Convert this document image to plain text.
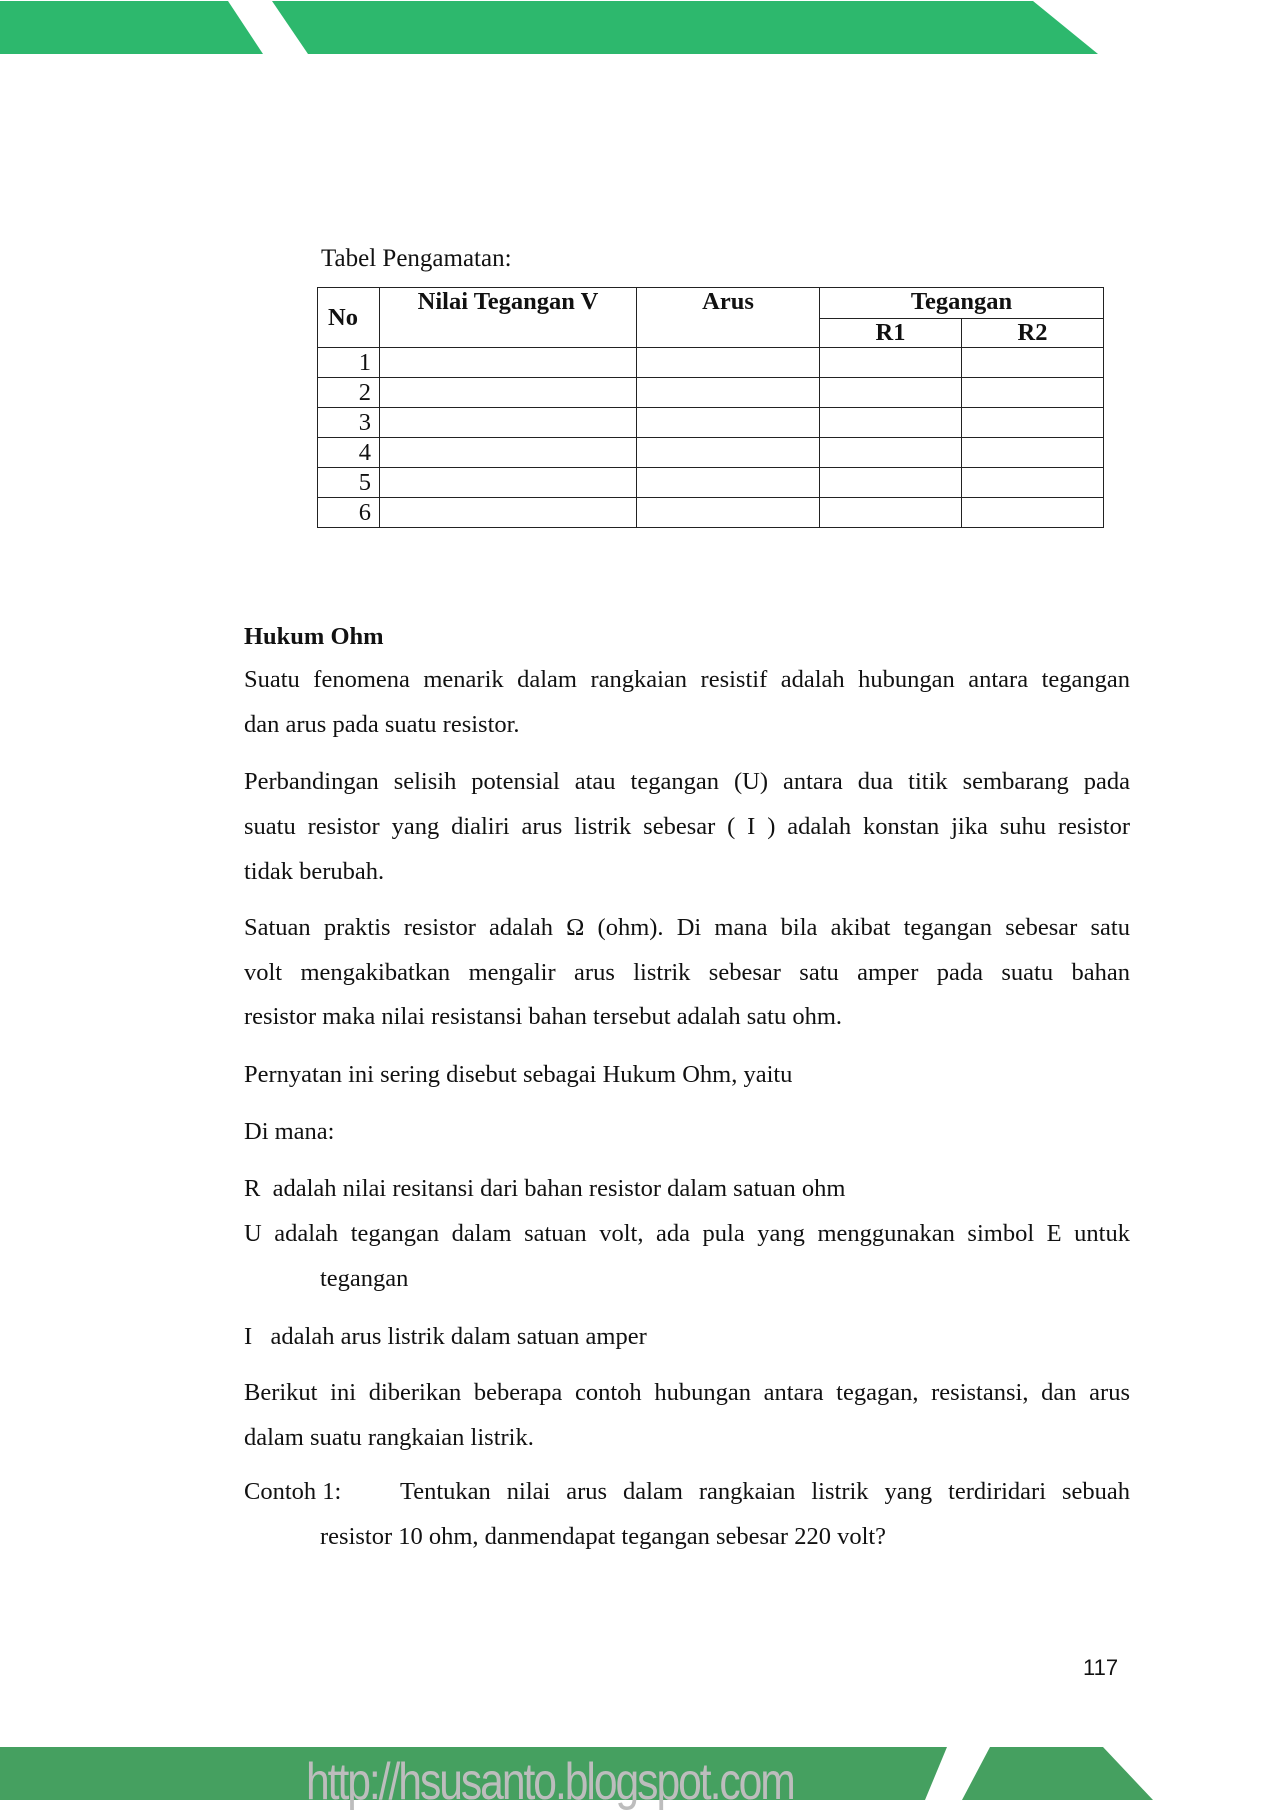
Tabel Pengamatan:
No	Nilai Tegangan V	Arus	Tegangan	
			R1	R2
1				
2				
3				
4				
5				
6				
Hukum Ohm
Suatu fenomena menarik dalam rangkaian resistif adalah hubungan antara tegangan
dan arus pada suatu resistor.
Perbandingan selisih potensial atau tegangan (U) antara dua titik sembarang pada
suatu resistor yang dialiri arus listrik sebesar ( I ) adalah konstan jika suhu resistor
tidak berubah.
Satuan praktis resistor adalah Ω (ohm). Di mana bila akibat tegangan sebesar satu
volt mengakibatkan mengalir arus listrik sebesar satu amper pada suatu bahan
resistor maka nilai resistansi bahan tersebut adalah satu ohm.
Pernyatan ini sering disebut sebagai Hukum Ohm, yaitu
Di mana:
R  adalah nilai resitansi dari bahan resistor dalam satuan ohm
U adalah tegangan dalam satuan volt, ada pula yang menggunakan simbol E untuk
tegangan
I   adalah arus listrik dalam satuan amper
Berikut ini diberikan beberapa contoh hubungan antara tegagan, resistansi, dan arus
dalam suatu rangkaian listrik.
Contoh 1:	Tentukan nilai arus dalam rangkaian listrik yang terdiridari sebuah
resistor 10 ohm, danmendapat tegangan sebesar 220 volt?
117
http://hsusanto.blogspot.com
